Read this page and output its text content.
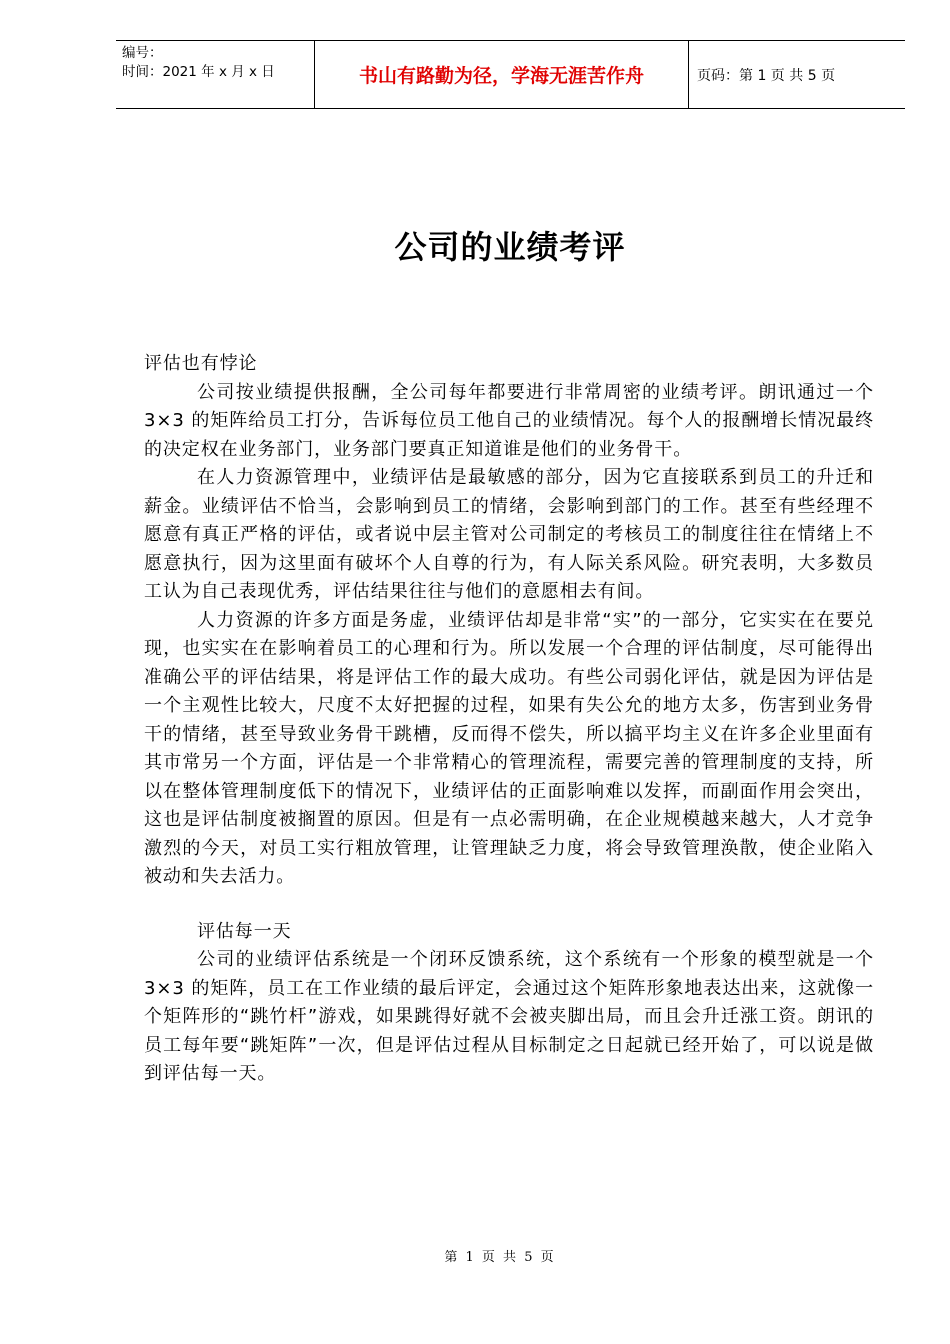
编号：
时间：2021 年 x 月 x 日	书山有路勤为径，学海无涯苦作舟	页码：第 1 页 共 5 页
公司的业绩考评

评估也有悖论

公司按业绩提供报酬，全公司每年都要进行非常周密的业绩考评。朗讯通过一个 3×3 的矩阵给员工打分，告诉每位员工他自己的业绩情况。每个人的报酬增长情况最终的决定权在业务部门，业务部门要真正知道谁是他们的业务骨干。

在人力资源管理中，业绩评估是最敏感的部分，因为它直接联系到员工的升迁和薪金。业绩评估不恰当，会影响到员工的情绪，会影响到部门的工作。甚至有些经理不愿意有真正严格的评估，或者说中层主管对公司制定的考核员工的制度往往在情绪上不愿意执行，因为这里面有破坏个人自尊的行为，有人际关系风险。研究表明，大多数员工认为自己表现优秀，评估结果往往与他们的意愿相去有间。

人力资源的许多方面是务虚，业绩评估却是非常“实”的一部分，它实实在在要兑现，也实实在在影响着员工的心理和行为。所以发展一个合理的评估制度，尽可能得出准确公平的评估结果，将是评估工作的最大成功。有些公司弱化评估，就是因为评估是一个主观性比较大，尺度不太好把握的过程，如果有失公允的地方太多，伤害到业务骨干的情绪，甚至导致业务骨干跳槽，反而得不偿失，所以搞平均主义在许多企业里面有其市常另一个方面，评估是一个非常精心的管理流程，需要完善的管理制度的支持，所以在整体管理制度低下的情况下，业绩评估的正面影响难以发挥，而副面作用会突出，这也是评估制度被搁置的原因。但是有一点必需明确，在企业规模越来越大，人才竞争激烈的今天，对员工实行粗放管理，让管理缺乏力度，将会导致管理涣散，使企业陷入被动和失去活力。

评估每一天

公司的业绩评估系统是一个闭环反馈系统，这个系统有一个形象的模型就是一个 3×3 的矩阵，员工在工作业绩的最后评定，会通过这个矩阵形象地表达出来，这就像一个矩阵形的“跳竹杆”游戏，如果跳得好就不会被夹脚出局，而且会升迁涨工资。朗讯的员工每年要“跳矩阵”一次，但是评估过程从目标制定之日起就已经开始了，可以说是做到评估每一天。

第 1 页 共 5 页
